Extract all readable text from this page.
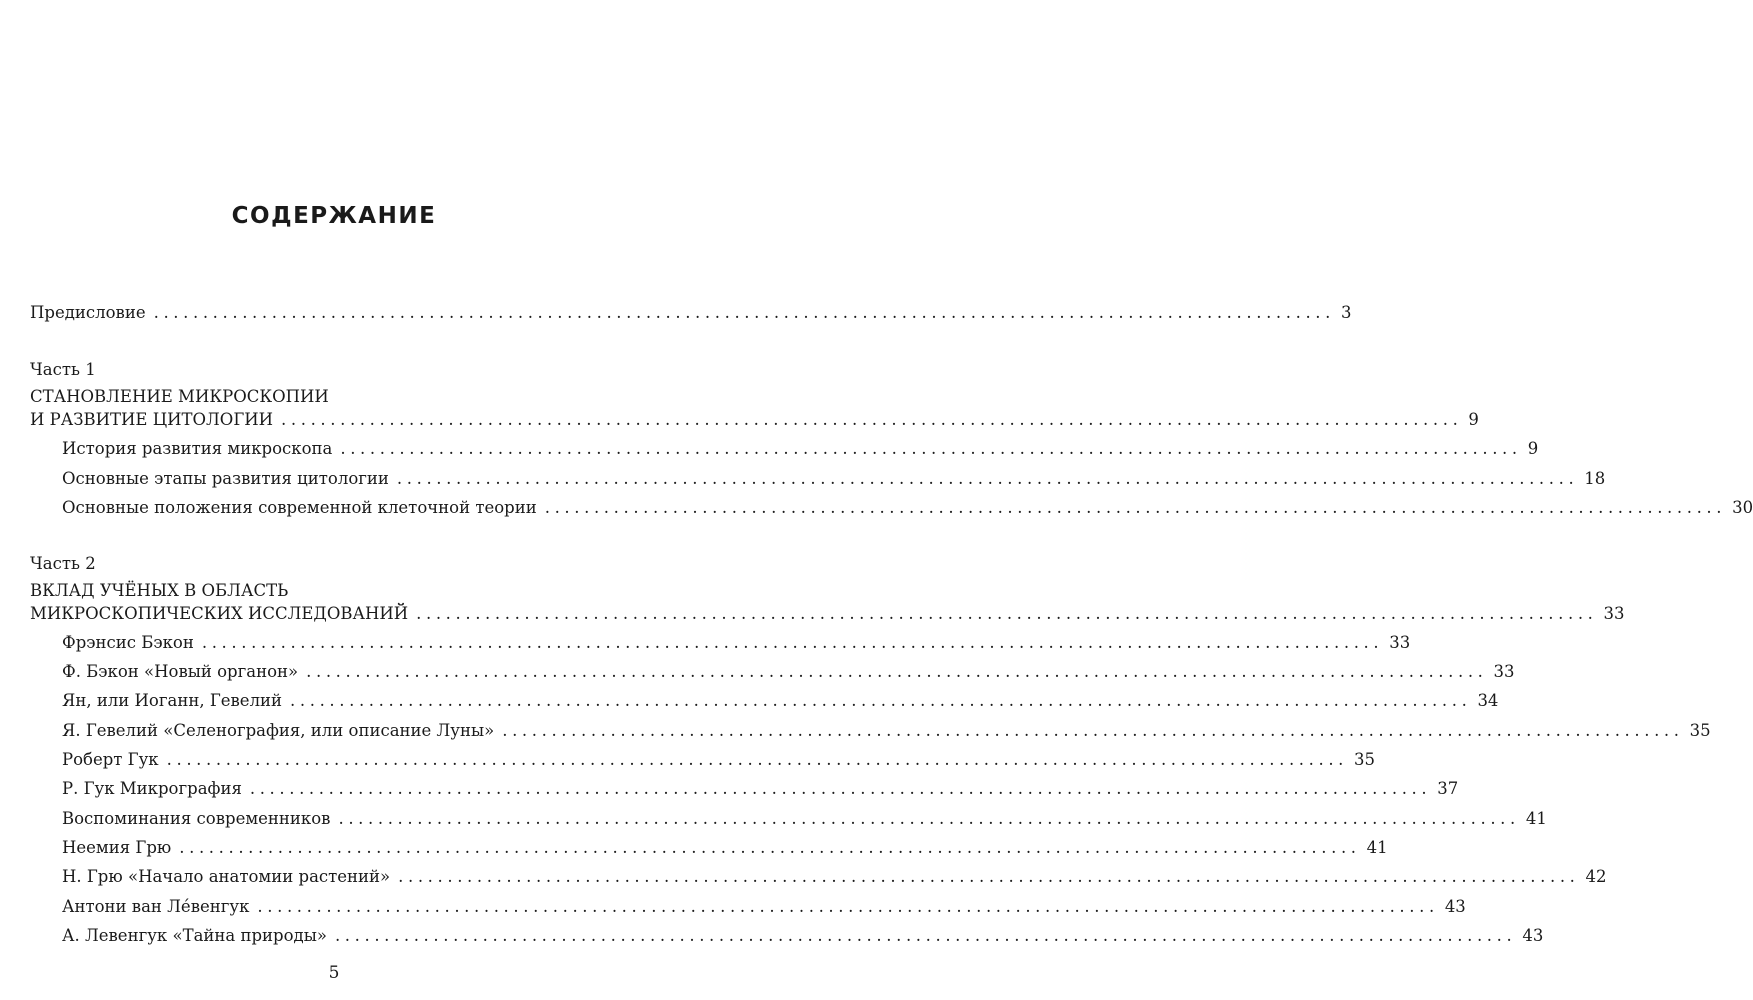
СОДЕРЖАНИЕ
Предисловие ........................................................................................................................ 3
Часть 1
СТАНОВЛЕНИЕ МИКРОСКОПИИ
И РАЗВИТИЕ ЦИТОЛОГИИ ........................................................................................................................ 9
История развития микроскопа ........................................................................................................................ 9
Основные этапы развития цитологии ........................................................................................................................ 18
Основные положения современной клеточной теории ........................................................................................................................ 30
Часть 2
ВКЛАД УЧЁНЫХ В ОБЛАСТЬ
МИКРОСКОПИЧЕСКИХ ИССЛЕДОВАНИЙ ........................................................................................................................ 33
Фрэнсис Бэкон ........................................................................................................................ 33
Ф. Бэкон «Новый органон» ........................................................................................................................ 33
Ян, или Иоганн, Гевелий ........................................................................................................................ 34
Я. Гевелий «Селенография, или описание Луны» ........................................................................................................................ 35
Роберт Гук ........................................................................................................................ 35
Р. Гук Микрография ........................................................................................................................ 37
Воспоминания современников ........................................................................................................................ 41
Неемия Грю ........................................................................................................................ 41
Н. Грю «Начало анатомии растений» ........................................................................................................................ 42
Антони ван Ле́венгук ........................................................................................................................ 43
А. Левенгук «Тайна природы» ........................................................................................................................ 43
5
